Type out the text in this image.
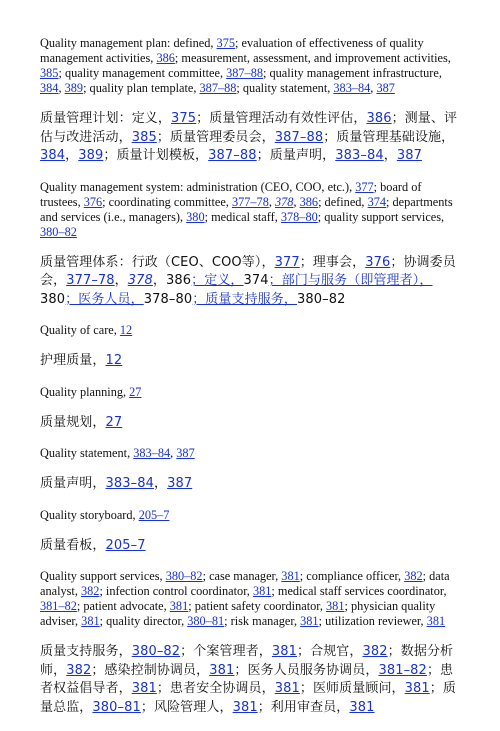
Quality management plan: defined, 375; evaluation of effectiveness of quality management activities, 386; measurement, assessment, and improvement activities, 385; quality management committee, 387–88; quality management infrastructure, 384, 389; quality plan template, 387–88; quality statement, 383–84, 387

质量管理计划：定义，375；质量管理活动有效性评估，386；测量、评估与改进活动，385；质量管理委员会，387–88；质量管理基础设施，384，389；质量计划模板，387–88；质量声明，383–84，387

Quality management system: administration (CEO, COO, etc.), 377; board of trustees, 376; coordinating committee, 377–78, 378, 386; defined, 374; departments and services (i.e., managers), 380; medical staff, 378–80; quality support services, 380–82

质量管理体系：行政（CEO、COO等），377；理事会，376；协调委员会，377–78，378，386；定义，374；部门与服务（即管理者），380；医务人员，378–80；质量支持服务，380–82

Quality of care, 12

护理质量，12

Quality planning, 27

质量规划，27

Quality statement, 383–84, 387

质量声明，383–84，387

Quality storyboard, 205–7

质量看板，205–7

Quality support services, 380–82; case manager, 381; compliance officer, 382; data analyst, 382; infection control coordinator, 381; medical staff services coordinator, 381–82; patient advocate, 381; patient safety coordinator, 381; physician quality adviser, 381; quality director, 380–81; risk manager, 381; utilization reviewer, 381

质量支持服务，380–82；个案管理者，381；合规官，382；数据分析师，382；感染控制协调员，381；医务人员服务协调员，381–82；患者权益倡导者，381；患者安全协调员，381；医师质量顾问，381；质量总监，380–81；风险管理人，381；利用审查员，381
